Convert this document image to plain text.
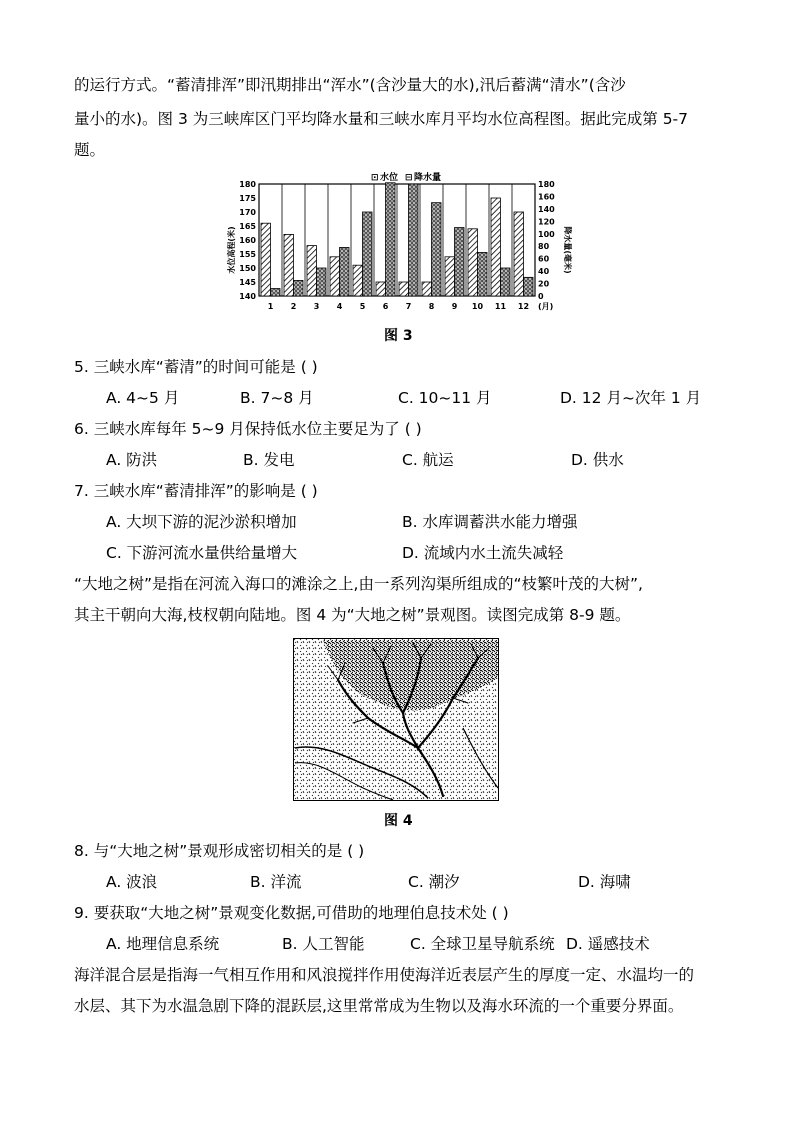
的运行方式。“蓄清排浑”即汛期排出“浑水”(含沙量大的水),汛后蓄满“清水”(含沙
量小的水)。图 3 为三峡库区门平均降水量和三峡水库月平均水位高程图。据此完成第 5-7
题。
⊡ 水位 ⊟ 降水量
水位高程(米)	降水量(毫米)
1 2 3 4 5 6 7 8 9 10 11 12 (月)
180
175
170
165
160
155
150
145
140
180
160
140
120
100
80
60
40
20
0
图 3
5. 三峡水库“蓄清”的时间可能是 ( )
A. 4~5 月	B. 7~8 月	C. 10~11 月	D. 12 月~次年 1 月
6. 三峡水库每年 5~9 月保持低水位主要足为了 ( )
A. 防洪	B. 发电	C. 航运	D. 供水
7. 三峡水库“蓄清排浑”的影响是 ( )
A. 大坝下游的泥沙淤积增加	B. 水库调蓄洪水能力增强
C. 下游河流水量供给量增大	D. 流域内水土流失减轻
“大地之树”是指在河流入海口的滩涂之上,由一系列沟渠所组成的“枝繁叶茂的大树”,
其主干朝向大海,枝杈朝向陆地。图 4 为“大地之树”景观图。读图完成第 8-9 题。
图 4
8. 与“大地之树”景观形成密切相关的是 ( )
A. 波浪	B. 洋流	C. 潮汐	D. 海啸
9. 要获取“大地之树”景观变化数据,可借助的地理伯息技术处 ( )
A. 地理信息系统	B. 人工智能	C. 全球卫星导航系统 D. 遥感技术
海洋混合层是指海一气相互作用和风浪搅拌作用使海洋近表层产生的厚度一定、水温均一的
水层、其下为水温急剧下降的混跃层,这里常常成为生物以及海水环流的一个重要分界面。
